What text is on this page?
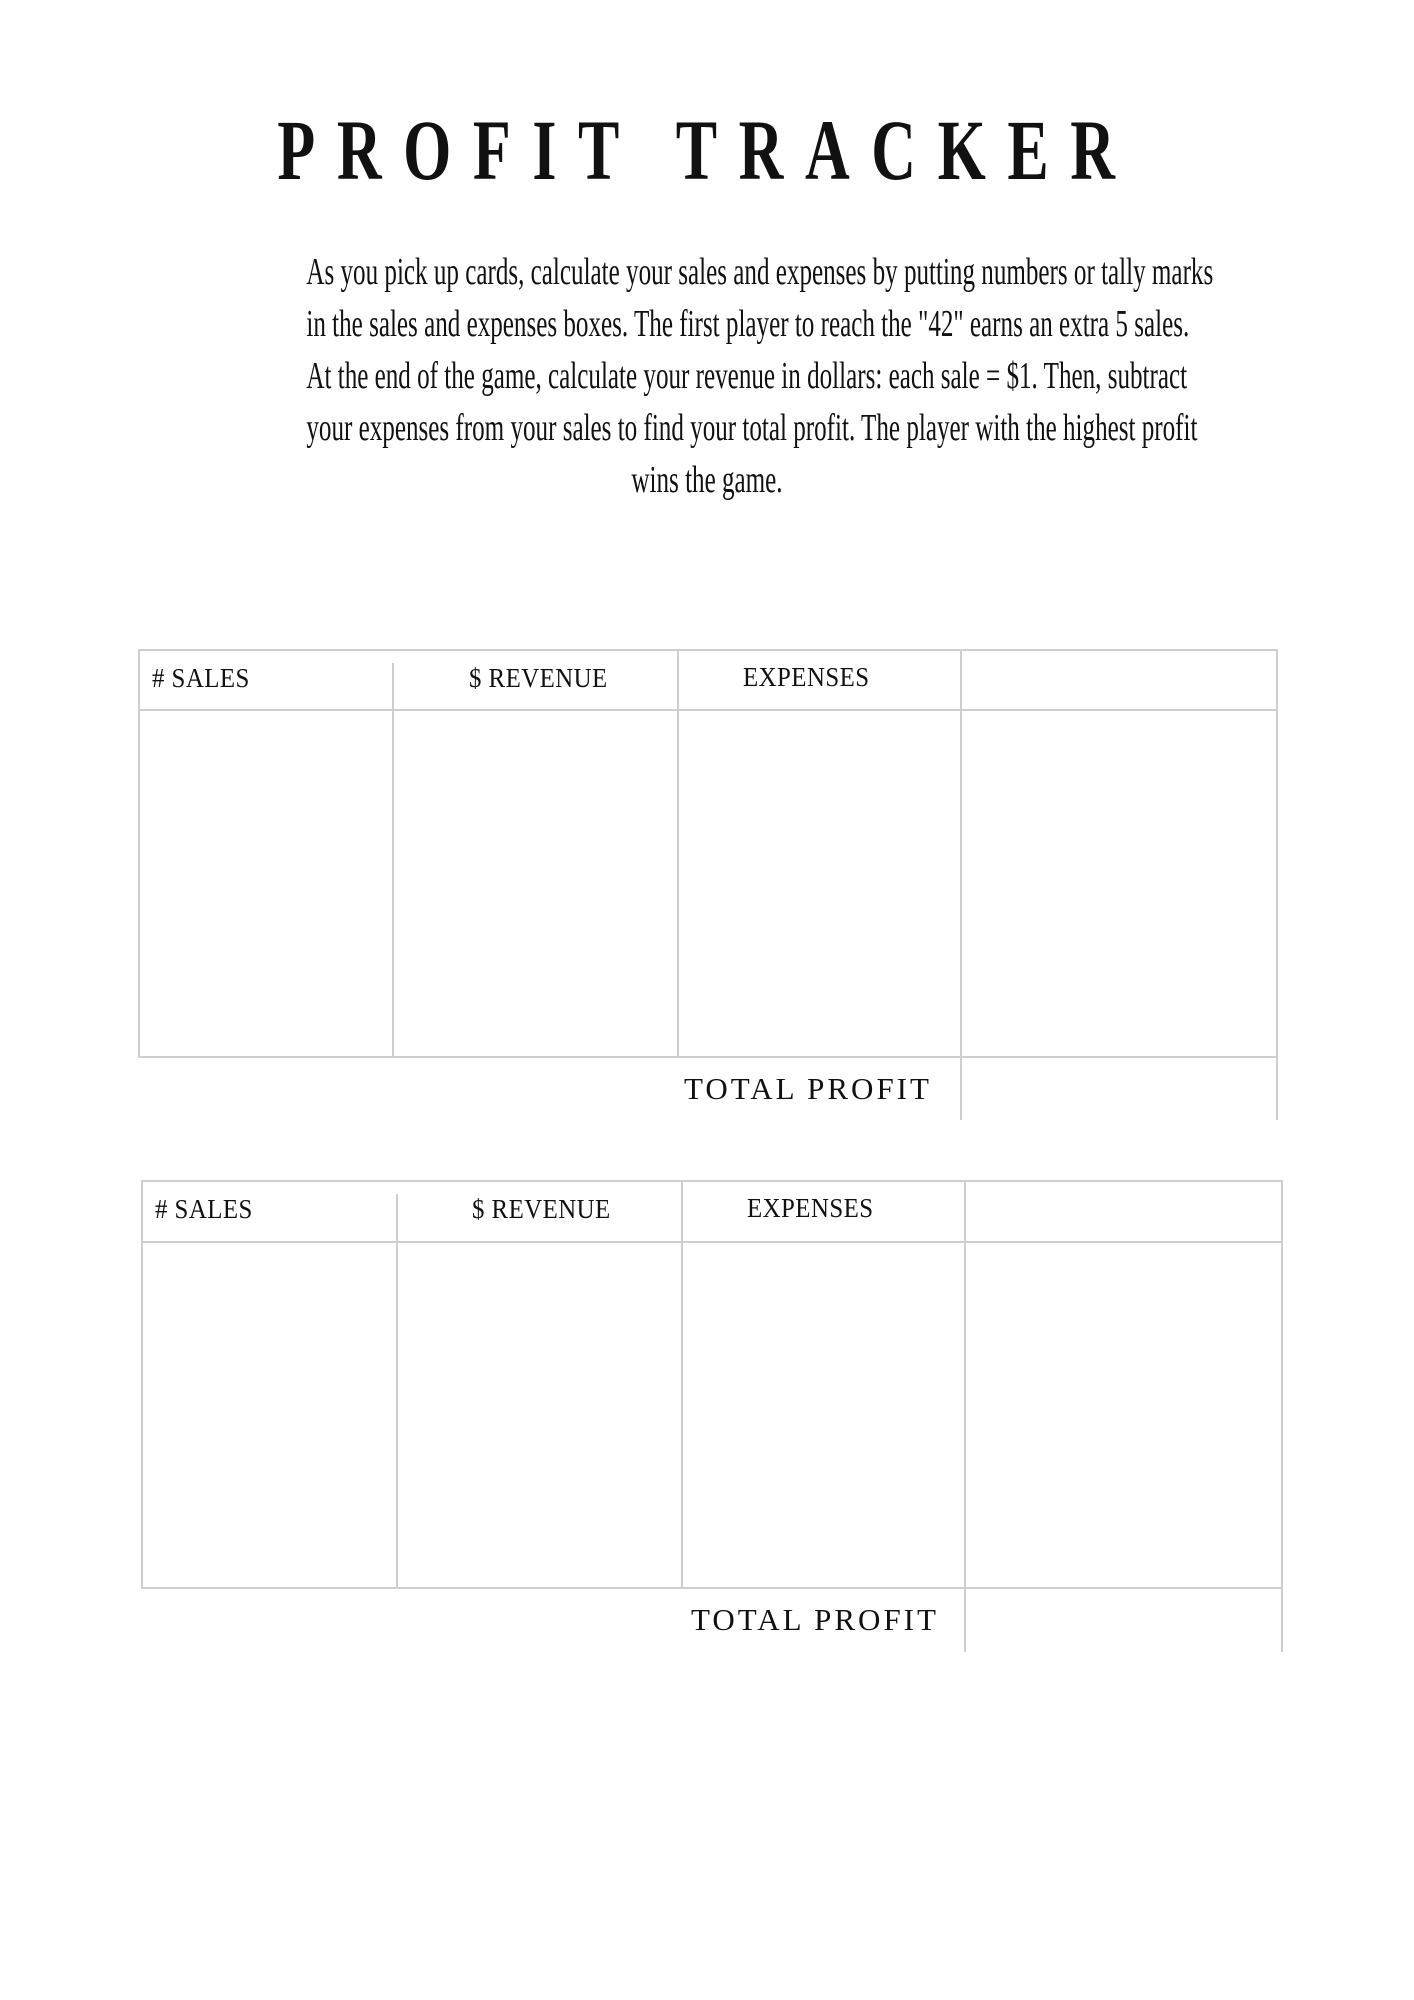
PROFIT TRACKER
As you pick up cards, calculate your sales and expenses by putting numbers or tally marks
in the sales and expenses boxes. The first player to reach the "42" earns an extra 5 sales.
At the end of the game, calculate your revenue in dollars: each sale = $1. Then, subtract
your expenses from your sales to find your total profit. The player with the highest profit
wins the game.
# SALES	$ REVENUE	EXPENSES
TOTAL PROFIT
# SALES	$ REVENUE	EXPENSES
TOTAL PROFIT
